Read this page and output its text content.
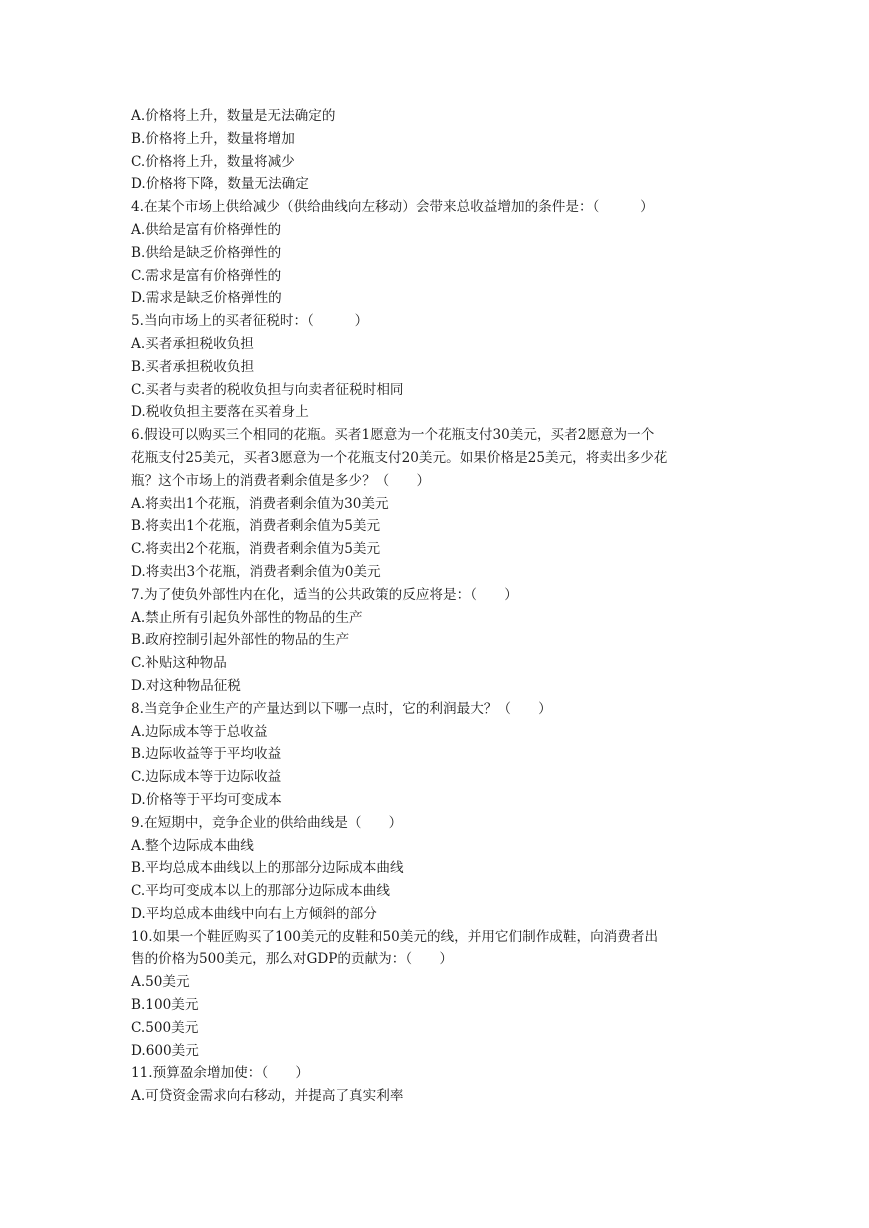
A.价格将上升，数量是无法确定的
B.价格将上升，数量将增加
C.价格将上升，数量将减少
D.价格将下降，数量无法确定
4.在某个市场上供给减少（供给曲线向左移动）会带来总收益增加的条件是：（　　　）
A.供给是富有价格弹性的
B.供给是缺乏价格弹性的
C.需求是富有价格弹性的
D.需求是缺乏价格弹性的
5.当向市场上的买者征税时：（　　　）
A.买者承担税收负担
B.买者承担税收负担
C.买者与卖者的税收负担与向卖者征税时相同
D.税收负担主要落在买着身上
6.假设可以购买三个相同的花瓶。买者1愿意为一个花瓶支付30美元，买者2愿意为一个
花瓶支付25美元，买者3愿意为一个花瓶支付20美元。如果价格是25美元，将卖出多少花
瓶？这个市场上的消费者剩余值是多少？（　　）
A.将卖出1个花瓶，消费者剩余值为30美元
B.将卖出1个花瓶，消费者剩余值为5美元
C.将卖出2个花瓶，消费者剩余值为5美元
D.将卖出3个花瓶，消费者剩余值为0美元
7.为了使负外部性内在化，适当的公共政策的反应将是：（　　）
A.禁止所有引起负外部性的物品的生产
B.政府控制引起外部性的物品的生产
C.补贴这种物品
D.对这种物品征税
8.当竞争企业生产的产量达到以下哪一点时，它的利润最大？（　　）
A.边际成本等于总收益
B.边际收益等于平均收益
C.边际成本等于边际收益
D.价格等于平均可变成本
9.在短期中，竞争企业的供给曲线是（　　）
A.整个边际成本曲线
B.平均总成本曲线以上的那部分边际成本曲线
C.平均可变成本以上的那部分边际成本曲线
D.平均总成本曲线中向右上方倾斜的部分
10.如果一个鞋匠购买了100美元的皮鞋和50美元的线，并用它们制作成鞋，向消费者出
售的价格为500美元，那么对GDP的贡献为：（　　）
A.50美元
B.100美元
C.500美元
D.600美元
11.预算盈余增加使：（　　）
A.可贷资金需求向右移动，并提高了真实利率
